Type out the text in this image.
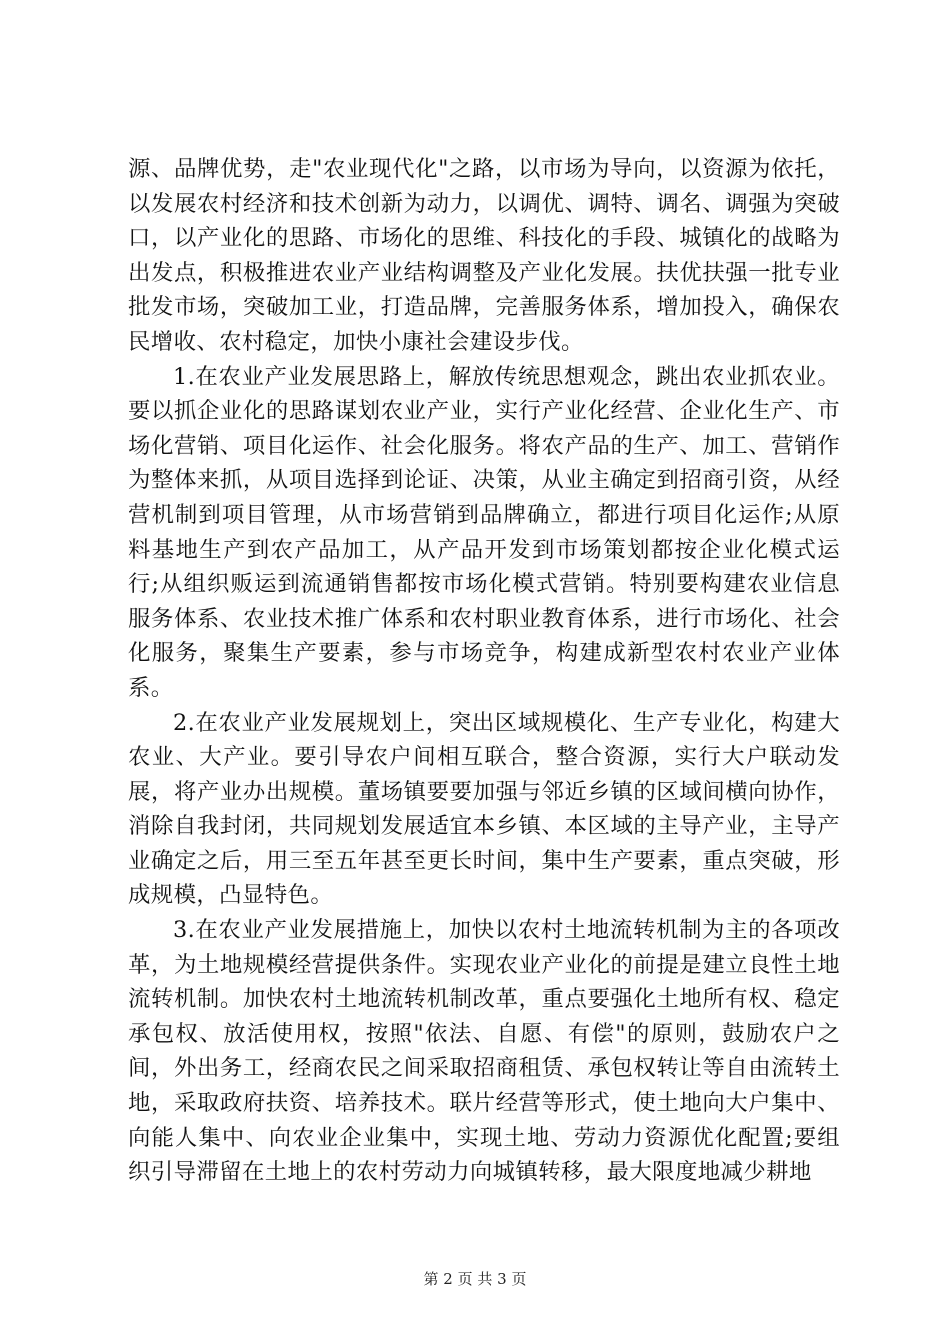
源、品牌优势，走"农业现代化"之路，以市场为导向，以资源为依托，以发展农村经济和技术创新为动力，以调优、调特、调名、调强为突破口，以产业化的思路、市场化的思维、科技化的手段、城镇化的战略为出发点，积极推进农业产业结构调整及产业化发展。扶优扶强一批专业批发市场，突破加工业，打造品牌，完善服务体系，增加投入，确保农民增收、农村稳定，加快小康社会建设步伐。

1.在农业产业发展思路上，解放传统思想观念，跳出农业抓农业。要以抓企业化的思路谋划农业产业，实行产业化经营、企业化生产、市场化营销、项目化运作、社会化服务。将农产品的生产、加工、营销作为整体来抓，从项目选择到论证、决策，从业主确定到招商引资，从经营机制到项目管理，从市场营销到品牌确立，都进行项目化运作;从原料基地生产到农产品加工，从产品开发到市场策划都按企业化模式运行;从组织贩运到流通销售都按市场化模式营销。特别要构建农业信息服务体系、农业技术推广体系和农村职业教育体系，进行市场化、社会化服务，聚集生产要素，参与市场竞争，构建成新型农村农业产业体系。

2.在农业产业发展规划上，突出区域规模化、生产专业化，构建大农业、大产业。要引导农户间相互联合，整合资源，实行大户联动发展，将产业办出规模。董场镇要要加强与邻近乡镇的区域间横向协作，消除自我封闭，共同规划发展适宜本乡镇、本区域的主导产业，主导产业确定之后，用三至五年甚至更长时间，集中生产要素，重点突破，形成规模，凸显特色。

3.在农业产业发展措施上，加快以农村土地流转机制为主的各项改革，为土地规模经营提供条件。实现农业产业化的前提是建立良性土地流转机制。加快农村土地流转机制改革，重点要强化土地所有权、稳定承包权、放活使用权，按照"依法、自愿、有偿"的原则，鼓励农户之间，外出务工，经商农民之间采取招商租赁、承包权转让等自由流转土地，采取政府扶资、培养技术。联片经营等形式，使土地向大户集中、向能人集中、向农业企业集中，实现土地、劳动力资源优化配置;要组织引导滞留在土地上的农村劳动力向城镇转移，最大限度地减少耕地

第 2 页 共 3 页
